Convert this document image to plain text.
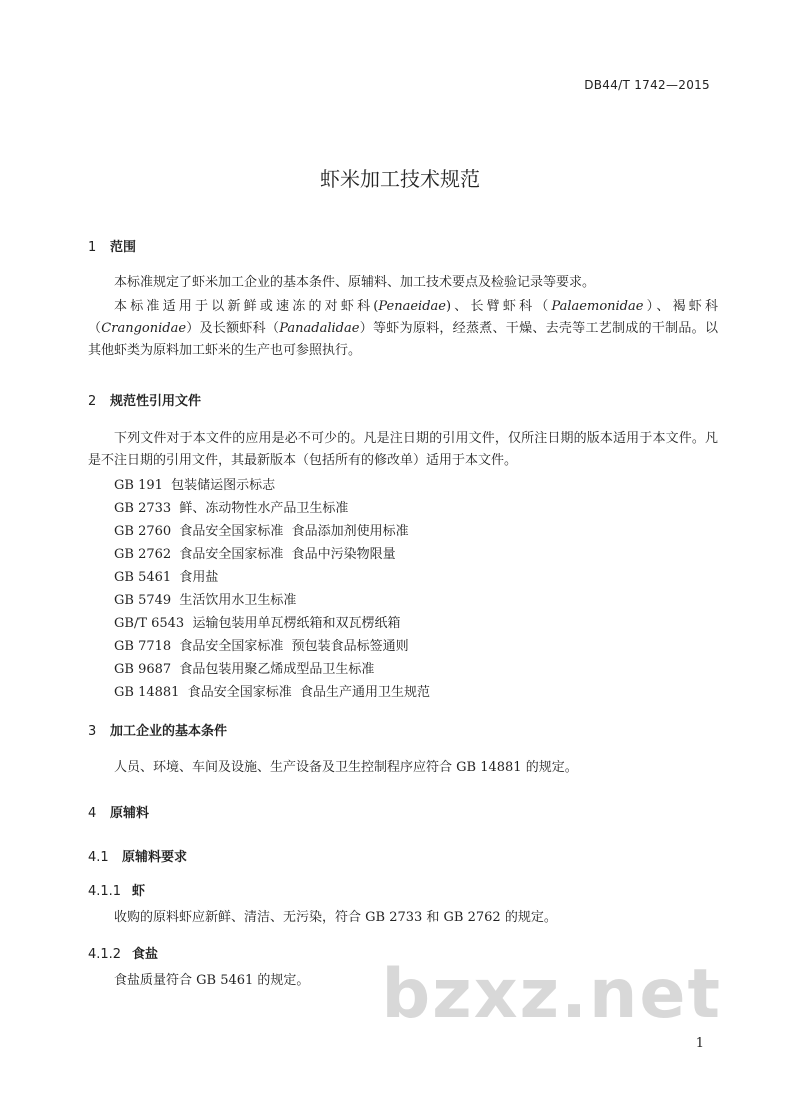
DB44/T 1742—2015
虾米加工技术规范
1 范围
本标准规定了虾米加工企业的基本条件、原辅料、加工技术要点及检验记录等要求。
本标准适用于以新鲜或速冻的对虾科(Penaeidae)、长臂虾科（Palaemonidae）、褐虾科（Crangonidae）及长额虾科（Panadalidae）等虾为原料，经蒸煮、干燥、去壳等工艺制成的干制品。以其他虾类为原料加工虾米的生产也可参照执行。
2 规范性引用文件
下列文件对于本文件的应用是必不可少的。凡是注日期的引用文件，仅所注日期的版本适用于本文件。凡是不注日期的引用文件，其最新版本（包括所有的修改单）适用于本文件。
GB 191  包装储运图示标志
GB 2733  鲜、冻动物性水产品卫生标准
GB 2760  食品安全国家标准  食品添加剂使用标准
GB 2762  食品安全国家标准  食品中污染物限量
GB 5461  食用盐
GB 5749  生活饮用水卫生标准
GB/T 6543  运输包装用单瓦楞纸箱和双瓦楞纸箱
GB 7718  食品安全国家标准  预包装食品标签通则
GB 9687  食品包装用聚乙烯成型品卫生标准
GB 14881  食品安全国家标准  食品生产通用卫生规范
3 加工企业的基本条件
人员、环境、车间及设施、生产设备及卫生控制程序应符合 GB 14881 的规定。
4 原辅料
4.1 原辅料要求
4.1.1 虾
收购的原料虾应新鲜、清洁、无污染，符合 GB 2733 和 GB 2762 的规定。
4.1.2 食盐
食盐质量符合 GB 5461 的规定。	bzxz.net
1
